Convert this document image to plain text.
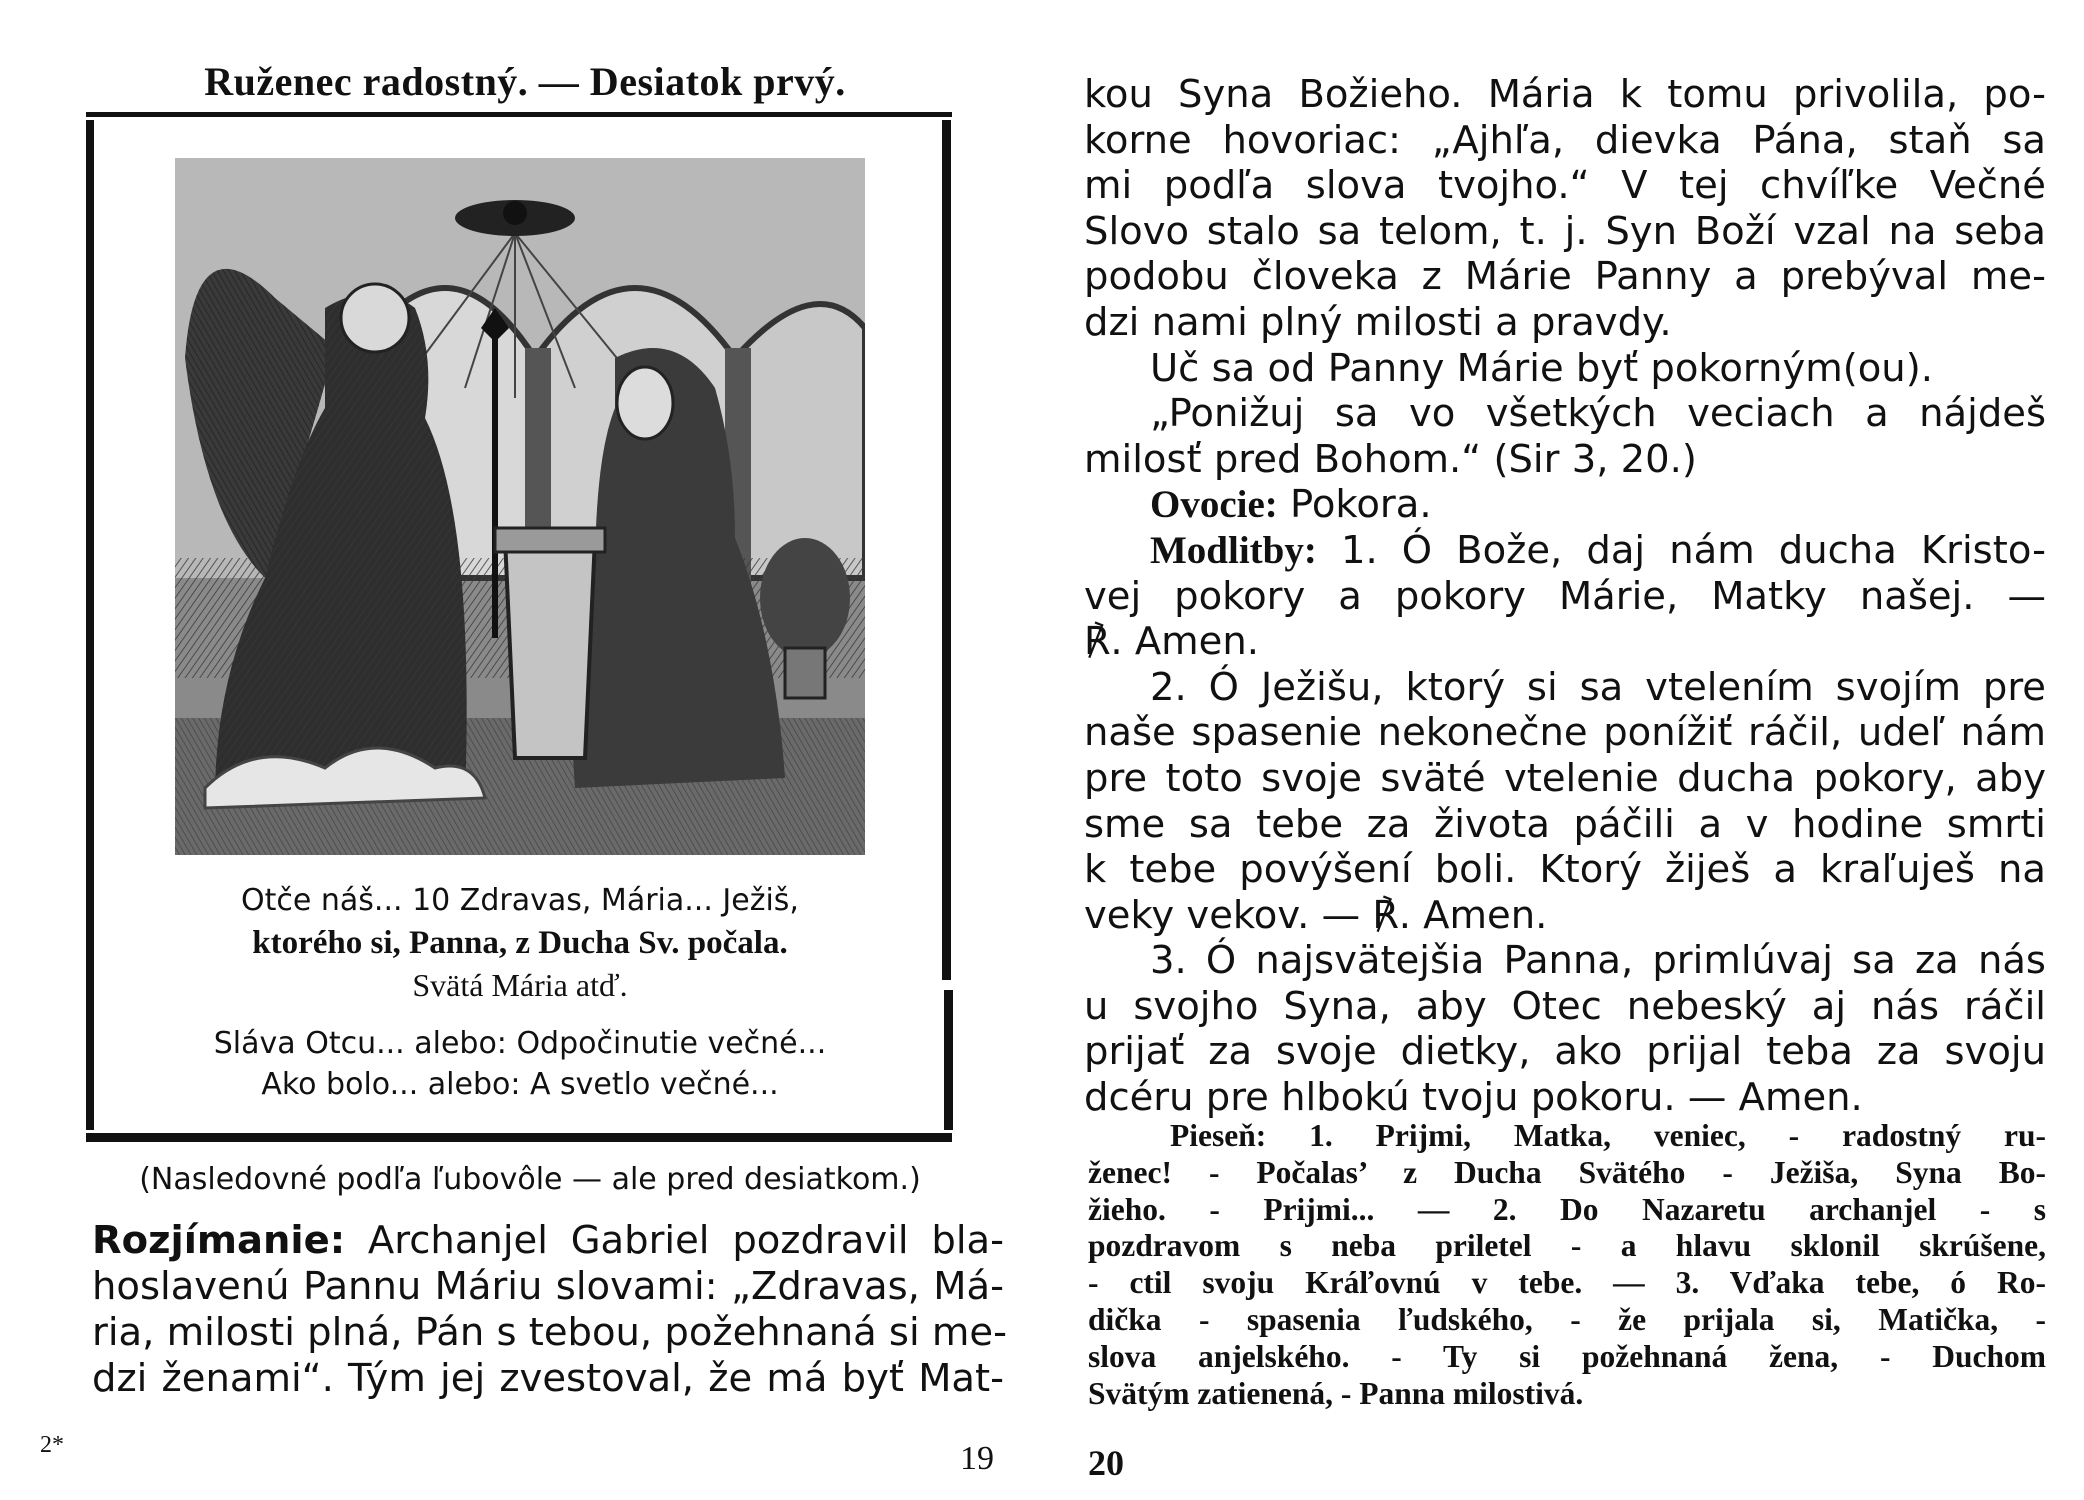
Ruženec radostný. — Desiatok prvý.
Otče náš... 10 Zdravas, Mária... Ježiš,
ktorého si, Panna, z Ducha Sv. počala.
Svätá Mária atď.
Sláva Otcu... alebo: Odpočinutie večné...
Ako bolo... alebo: A svetlo večné...
(Nasledovné podľa ľubovôle — ale pred desiatkom.)
Rozjímanie: Archanjel Gabriel pozdravil bla-
hoslavenú Pannu Máriu slovami: „Zdravas, Má-
ria, milosti plná, Pán s tebou, požehnaná si me-
dzi ženami“. Tým jej zvestoval, že má byť Mat-
2*	19
kou Syna Božieho. Mária k tomu privolila, po-
korne hovoriac: „Ajhľa, dievka Pána, staň sa
mi podľa slova tvojho.“ V tej chvíľke Večné
Slovo stalo sa telom, t. j. Syn Boží vzal na seba
podobu človeka z Márie Panny a prebýval me-
dzi nami plný milosti a pravdy.
Uč sa od Panny Márie byť pokorným(ou).
„Ponižuj sa vo všetkých veciach a nájdeš
milosť pred Bohom.“ (Sir 3, 20.)
Ovocie: Pokora.
Modlitby: 1. Ó Bože, daj nám ducha Kristo-
vej pokory a pokory Márie, Matky našej. —
℟. Amen.
2. Ó Ježišu, ktorý si sa vtelením svojím pre
naše spasenie nekonečne ponížiť ráčil, udeľ nám
pre toto svoje sväté vtelenie ducha pokory, aby
sme sa tebe za života páčili a v hodine smrti
k tebe povýšení boli. Ktorý žiješ a kraľuješ na
veky vekov. — ℟. Amen.
3. Ó najsvätejšia Panna, primlúvaj sa za nás
u svojho Syna, aby Otec nebeský aj nás ráčil
prijať za svoje dietky, ako prijal teba za svoju
dcéru pre hlbokú tvoju pokoru. — Amen.
Pieseň: 1. Prijmi, Matka, veniec, - radostný ru-
ženec! - Počalas’ z Ducha Svätého - Ježiša, Syna Bo-
žieho. - Prijmi... — 2. Do Nazaretu archanjel - s
pozdravom s neba priletel - a hlavu sklonil skrúšene,
- ctil svoju Kráľovnú v tebe. — 3. Vďaka tebe, ó Ro-
dička - spasenia ľudského, - že prijala si, Matička, -
slova anjelského. - Ty si požehnaná žena, - Duchom
Svätým zatienená, - Panna milostivá.
20
